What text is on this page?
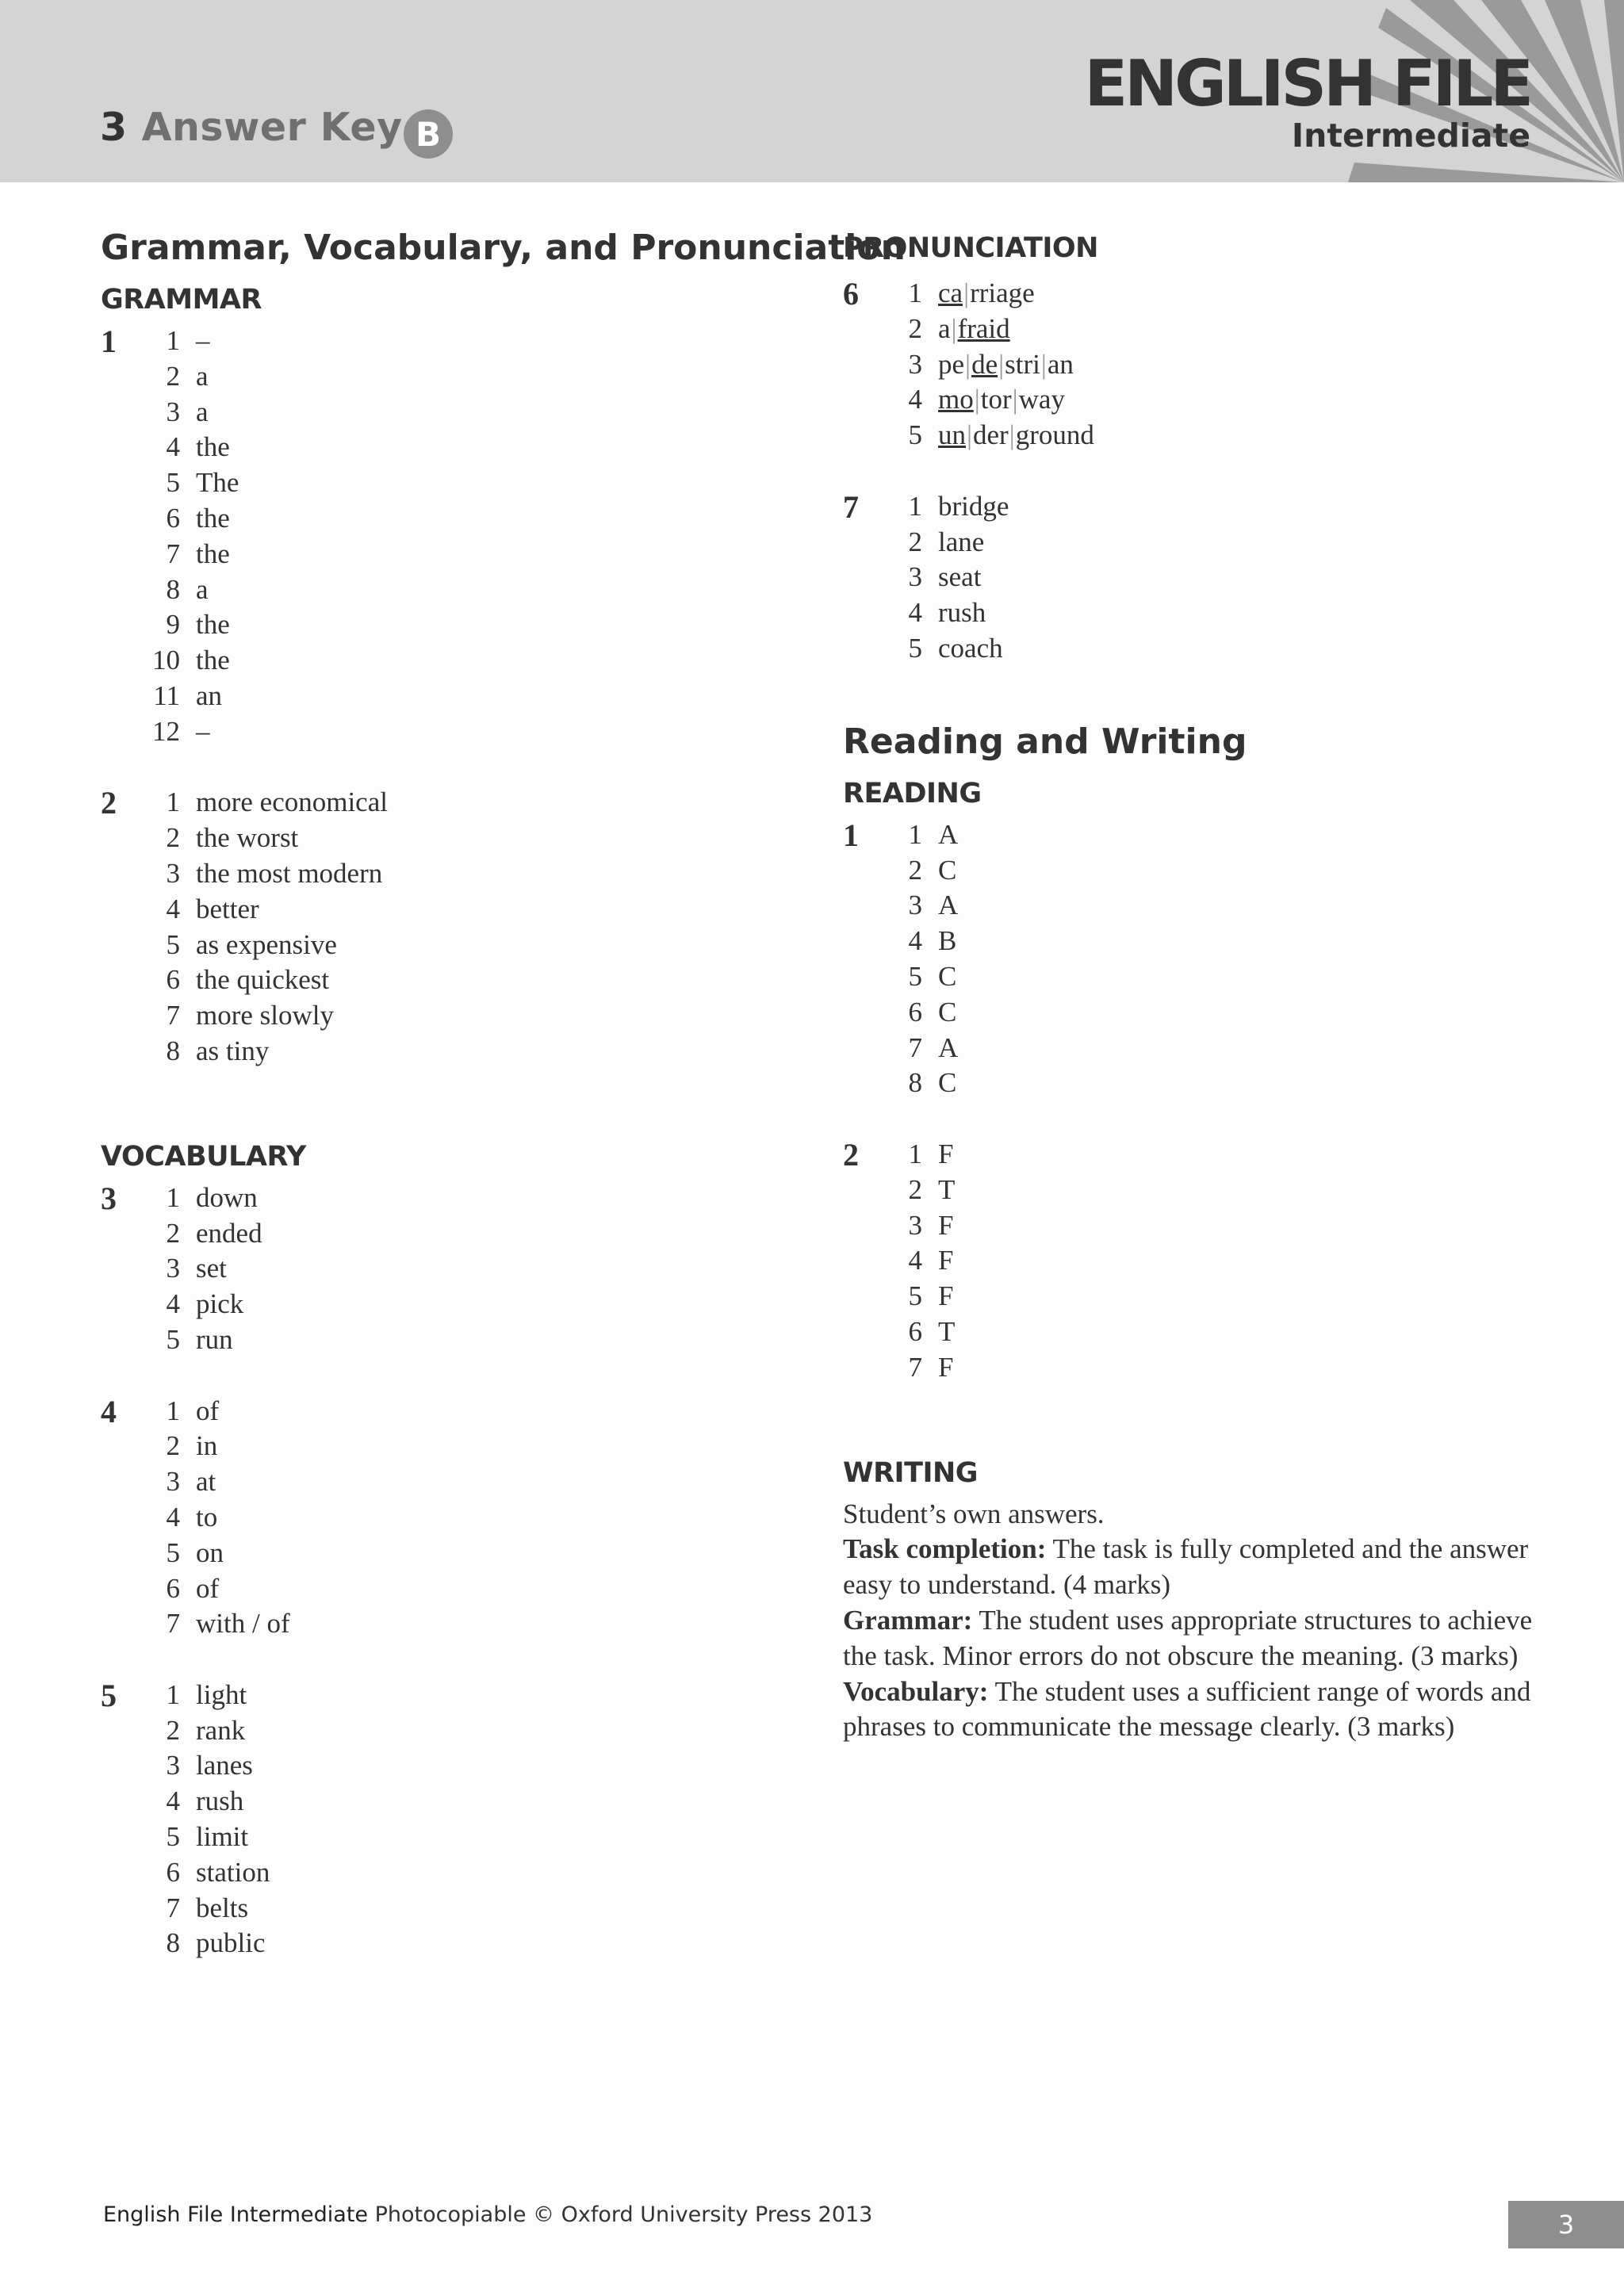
3 Answer Key B
ENGLISH FILE
Intermediate
Grammar, Vocabulary, and Pronunciation
GRAMMAR
1	1 –
2 a
3 a
4 the
5 The
6 the
7 the
8 a
9 the
10 the
11 an
12 –
2	1 more economical
2 the worst
3 the most modern
4 better
5 as expensive
6 the quickest
7 more slowly
8 as tiny
VOCABULARY
3	1 down
2 ended
3 set
4 pick
5 run
4	1 of
2 in
3 at
4 to
5 on
6 of
7 with / of
5	1 light
2 rank
3 lanes
4 rush
5 limit
6 station
7 belts
8 public
PRONUNCIATION
6	1 ca|rriage
2 a|fraid
3 pe|de|stri|an
4 mo|tor|way
5 un|der|ground
7	1 bridge
2 lane
3 seat
4 rush
5 coach
Reading and Writing
READING
1	1 A
2 C
3 A
4 B
5 C
6 C
7 A
8 C
2	1 F
2 T
3 F
4 F
5 F
6 T
7 F
WRITING

Student’s own answers.

Task completion: The task is fully completed and the answer easy to understand. (4 marks)

Grammar: The student uses appropriate structures to achieve the task. Minor errors do not obscure the meaning. (3 marks)

Vocabulary: The student uses a sufficient range of words and phrases to communicate the message clearly. (3 marks)

English File Intermediate Photocopiable © Oxford University Press 2013	3
